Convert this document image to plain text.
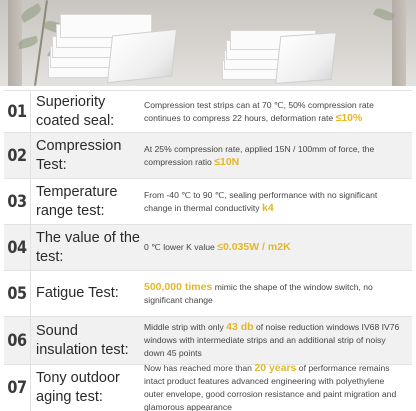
01 Superiority coated seal:
Compression test strips can at 70 ℃, 50% compression rate continues to compress 22 hours, deformation rate ≤10%
02 Compression Test:
At 25% compression rate, applied 15N / 100mm of force, the compression ratio ≤10N
03 Temperature range test:
From -40 ℃ to 90 ℃, sealing performance with no significant change in thermal conductivity k4
04 The value of the test:
0 ℃ lower K value ≤0.035W / m2K
05 Fatigue Test:	500,000 times mimic the shape of the window switch, no significant change
06 Sound insulation test:
Middle strip with only 43 db of noise reduction windows IV68 IV76 windows with intermediate strips and an additional strip of noisy down 45 points
07 Tony outdoor aging test:
Now has reached more than 20 years of performance remains intact product features advanced engineering with polyethylene outer envelope, good corrosion resistance and paint migration and glamorous appearance
